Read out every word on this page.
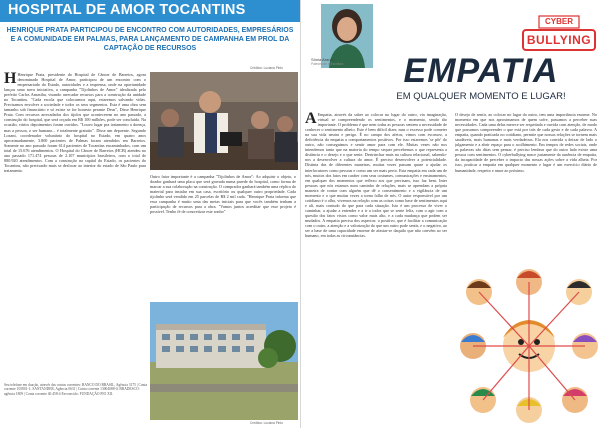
HOSPITAL DE AMOR TOCANTINS
HENRIQUE PRATA PARTICIPOU DE ENCONTRO COM AUTORIDADES, EMPRESÁRIOS E A COMUNIDADE EM PALMAS, PARA LANÇAMENTO DE CAMPANHA EM PROL DA CAPTAÇÃO DE RECURSOS

H Henrique Prata, presidente do Hospital de Câncer de Barretos, agora denominado Hospital de Amor, participou de um encontro com o empresariado do Estado, autoridades e a imprensa, onde na oportunidade lançou uma nova iniciativa, a campanha "Tijolinhos de Amor" idealizada pelo prefeito Carlos Amastha, visando arrecadar recursos para a construção da unidade no Tocantins. "Cada escola que colocarmos aqui, estaremos salvando vidas. Precisamos envolver a sociedade e todos os seus segmentos. Esta é uma obra sem tamanho sob financiário e só existe se for honesto perante Deus", Disse Henrique Prata. Com recursos arrecadados dos tijolos que acontecerem no ano passado, a construção do hospital, que será orçada em R$ 100 milhões, pode ser concluída. Na ocasião, vários depoimentos foram ouvidos. "Louvo lugar pra tratamento a doença, mas a pessoa, o ser humano... é totalmente gratuito". Disse um depoente. Segundo Lozani, coordenador voluntário do hospital no Estado, em quatro anos aproximadamente, 3.800 pacientes de Palmas foram atendidos em Barretos. Somente no ano passado foram 614 pacientes de Tocantins encaminhados, com um total de 15.676 atendimentos. O Hospital do Câncer de Barretos (HCB) atendeu no ano passado 171.474 pessoas de 2.107 municípios brasileiros, com o total de 880.920 atendimentos. Com a construção na capital do Estado, os pacientes do Tocantins, não precisarão mais se deslocar ao interior do estado de São Paulo para tratamento.

Créditos: Luciana Pinto

Outro fator importante é a campanha "Tijolinhos de Amor": Ao adquirir o objeto, o doador ganhará uma placa que será gravada numa parede do hospital, como forma de marcar a sua colaboração na construção. O comprador ganhará também uma réplica do material para instalar em sua casa, escritório ou qualquer outro propriedade. Cada tijolinho será vendido em 25 parcelas de R$ 2 mil cada. "Henrique Prata informa que essa campanha é muito uma das metas iniciais para que vocês também tenham a participação de recursos para a obra. "Vamos juntos acreditar que esse projeto é possível. Tenho fé de concretizar este sonho"

Créditos: Luciana Pinto
Seu telefone em doação, através das contas correntes: BANCO DO BRASIL, Agência 3175 | Conta corrente 105801-1; SANTANDER, Agência 0631 | Conta corrente 13004088-0; BRADESCO: agência 1809 | Conta corrente 40.458-4 Favorecido: FUNDAÇÃO PIO XII.
Sônia Araújo
Palestrante e Escritora
CYBER
BULLYING
EMPATIA
EM QUALQUER MOMENTO E LUGAR!

A Empatia, através da saber ao colocar no lugar do outro, via imaginação, virtual se compreendendo os sentimentos, e o momento, sendo tão importante. O problema é que nem todas as pessoas sentem a necessidade de conhecer o sentimento alheio. Este é bem difícil dizer, mas o excesso pode cometer na sua vida neutra e perigo. É no campo dos afetos, vimos com escassez, a deficiência da empatia a comportamentos positivos. Por isso estaremos 'se pôr' do outro, não conseguimos e sentir amor para com ele. Muitas vezes não nos intendemos tanto que na maioria do tempo sequer percebemos o que representa a distância e o desejo e o que sente. Destrinchar mais na cultura relacional, sabendo-nos a desenvolver a cultura do amor. É preciso desenvolver a potencialidade. Distinta das de diferentes maneiras, muitas vezes passam quase a ajudar os interlocutores como pessoas e como um ser mais perto. Esta empatia em cada um de nós, muitos dos fatos em caráter com seus costumes, comunicações e ensinamentos, em qualquer dos momentos que reflexo aos que precisam, isso faz bem. Inter pessoas que nós estamos num caminho de relações, mais se aprendam a própria maneira de contar com alguém que dê o consentimento e a vigilância de um momento e o que muitas vezes a torna falha de nós. O autor responsável por um cotidiano é o olho, vivemos na relação com as coisas como base de sentimentos aqui e ali, mais contudo do que para cada situação. Isto é um processo de viver o caminhar, a ajudar a entender e a ir a todos que se sente feliz, com o agir com a questão dos fatos vistos como valor mais alto, e a cada mudança que podem ser mudados. A empatia precisa dos aspectos: o positivo, que é facilitar a comunicação com o outro, a atenção e a valorização do que um outro pode sentir, e o negativo, ao ser a base de uma capacidade enorme de afastar-se daquilo que não convém ao ser humano, em todas as circunstâncias.

O desejo de sentir, ao colocar no lugar do outro, tem uma importância enorme. No momento em que nos aproximamos de quem sofre, passamos a perceber suas necessidades. Cada uma delas merece ser respeitada e ouvida com atenção, de modo que possamos compreender o que está por trás de cada gesto e de cada palavra. A empatia, quando praticada no cotidiano, permite que nossas relações se tornem mais saudáveis, mais humanas e mais verdadeiras. Ela nos convida a deixar de lado o julgamento e a abrir espaço para o acolhimento. Em tempos de redes sociais, onde as palavras são ditas sem pensar, é preciso lembrar que do outro lado existe uma pessoa com sentimentos. O cyberbullying nasce justamente da ausência de empatia, da incapacidade de perceber o impacto das nossas ações sobre a vida alheia. Por isso, praticar a empatia em qualquer momento e lugar é um exercício diário de humanidade, respeito e amor ao próximo.
